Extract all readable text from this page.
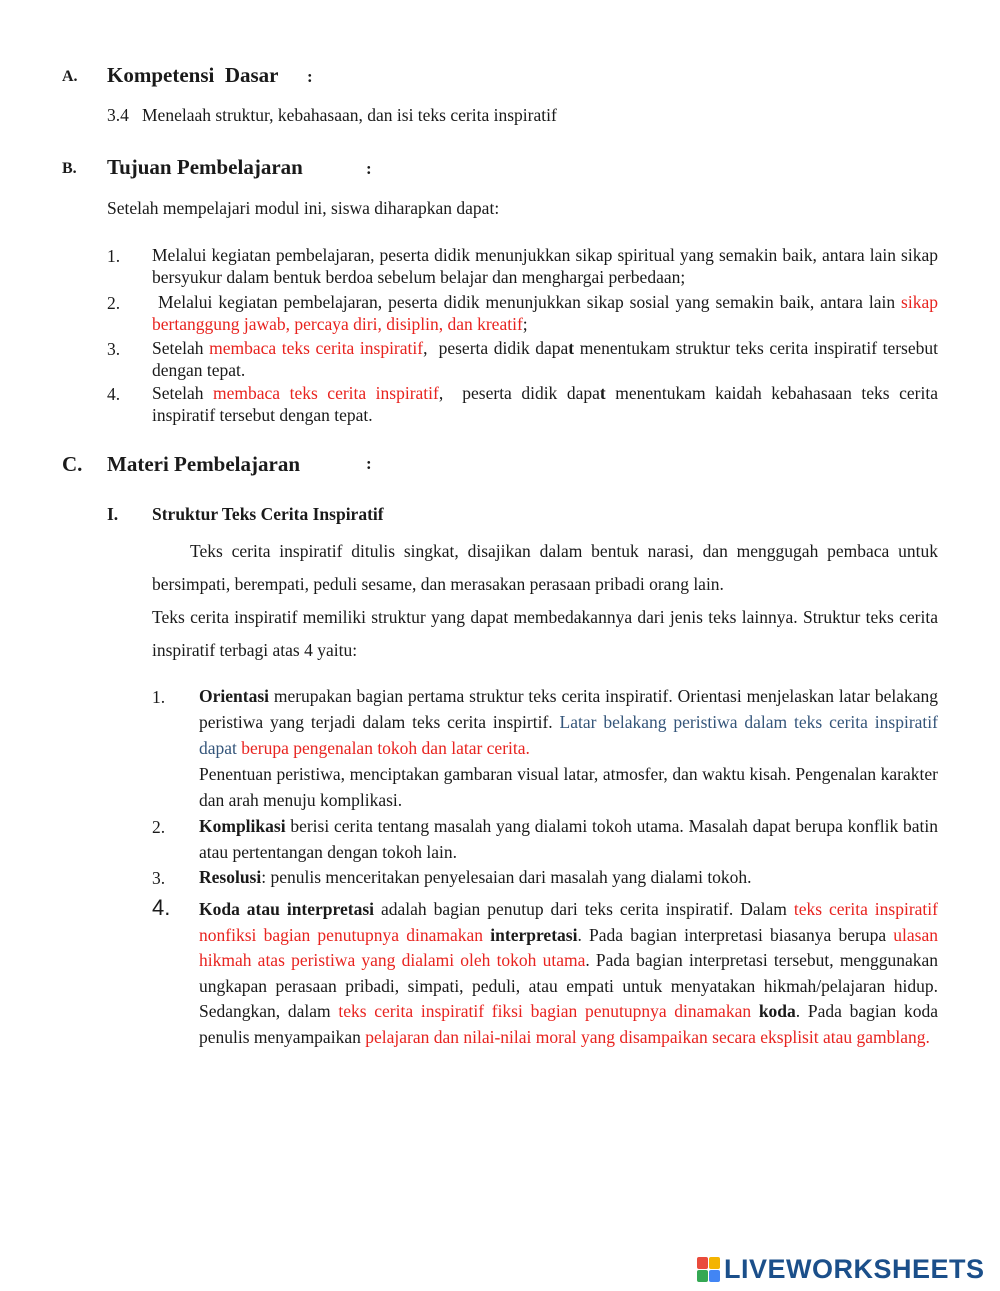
A. Kompetensi  Dasar :
3.4   Menelaah struktur, kebahasaan, dan isi teks cerita inspiratif
B. Tujuan Pembelajaran	:
Setelah mempelajari modul ini, siswa diharapkan dapat:
1. Melalui kegiatan pembelajaran, peserta didik menunjukkan sikap spiritual yang semakin baik, antara lain sikap bersyukur dalam bentuk berdoa sebelum belajar dan menghargai perbedaan;
2. Melalui kegiatan pembelajaran, peserta didik menunjukkan sikap sosial yang semakin baik, antara lain sikap bertanggung jawab, percaya diri, disiplin, dan kreatif;
3. Setelah membaca teks cerita inspiratif,  peserta didik dapat menentukam struktur teks cerita inspiratif tersebut dengan tepat.
4. Setelah membaca teks cerita inspiratif,  peserta didik dapat menentukam kaidah kebahasaan teks cerita inspiratif tersebut dengan tepat.
C. Materi Pembelajaran	:
I. Struktur Teks Cerita Inspiratif
Teks cerita inspiratif ditulis singkat, disajikan dalam bentuk narasi, dan menggugah pembaca untuk bersimpati, berempati, peduli sesame, dan merasakan perasaan pribadi orang lain.
Teks cerita inspiratif memiliki struktur yang dapat membedakannya dari jenis teks lainnya. Struktur teks cerita inspiratif terbagi atas 4 yaitu:
1. Orientasi merupakan bagian pertama struktur teks cerita inspiratif. Orientasi menjelaskan latar belakang peristiwa yang terjadi dalam teks cerita inspirtif. Latar belakang peristiwa dalam teks cerita inspiratif dapat berupa pengenalan tokoh dan latar cerita.
Penentuan peristiwa, menciptakan gambaran visual latar, atmosfer, dan waktu kisah. Pengenalan karakter dan arah menuju komplikasi.
2. Komplikasi berisi cerita tentang masalah yang dialami tokoh utama. Masalah dapat berupa konflik batin atau pertentangan dengan tokoh lain.
3. Resolusi: penulis menceritakan penyelesaian dari masalah yang dialami tokoh.
4. Koda atau interpretasi adalah bagian penutup dari teks cerita inspiratif. Dalam teks cerita inspiratif nonfiksi bagian penutupnya dinamakan interpretasi. Pada bagian interpretasi biasanya berupa ulasan hikmah atas peristiwa yang dialami oleh tokoh utama. Pada bagian interpretasi tersebut, menggunakan ungkapan perasaan pribadi, simpati, peduli, atau empati untuk menyatakan hikmah/pelajaran hidup. Sedangkan, dalam teks cerita inspiratif fiksi bagian penutupnya dinamakan koda. Pada bagian koda penulis menyampaikan pelajaran dan nilai-nilai moral yang disampaikan secara eksplisit atau gamblang.
LIVEWORKSHEETS
